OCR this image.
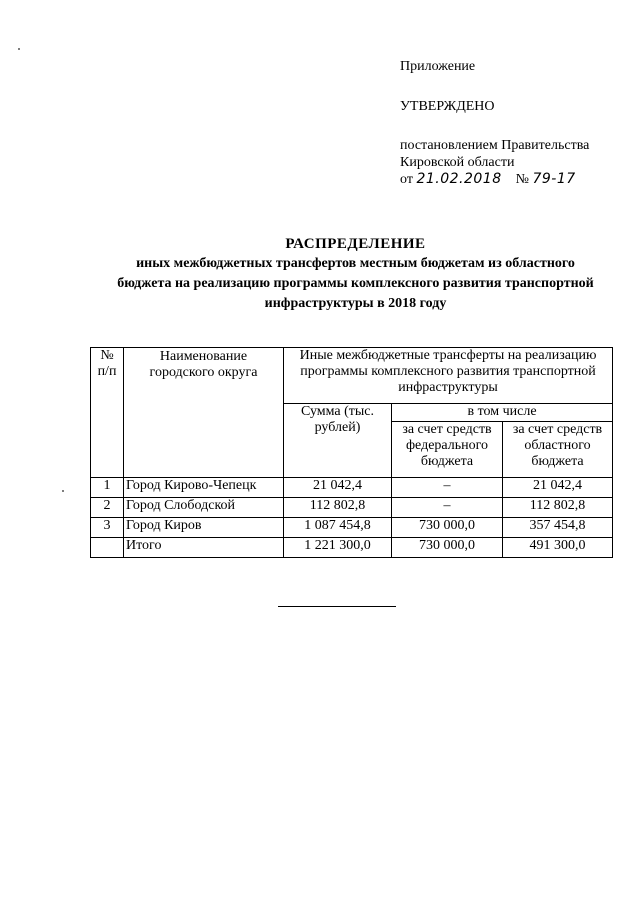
Приложение

УТВЕРЖДЕНО

постановлением Правительства

Кировской области

от 21.02.2018 № 79-17

РАСПРЕДЕЛЕНИЕ
иных межбюджетных трансфертов местным бюджетам из областного
бюджета на реализацию программы комплексного развития транспортной
инфраструктуры в 2018 году
№ п/п	Наименование городского округа	Иные межбюджетные трансферты на реализацию программы комплексного развития транспортной инфраструктуры		
		Сумма (тыс. рублей)	в том числе	
			за счет средств федерального бюджета	за счет средств областного бюджета
1	Город Кирово-Чепецк	21 042,4	–	21 042,4
2	Город Слободской	112 802,8	–	112 802,8
3	Город Киров	1 087 454,8	730 000,0	357 454,8
	Итого	1 221 300,0	730 000,0	491 300,0
